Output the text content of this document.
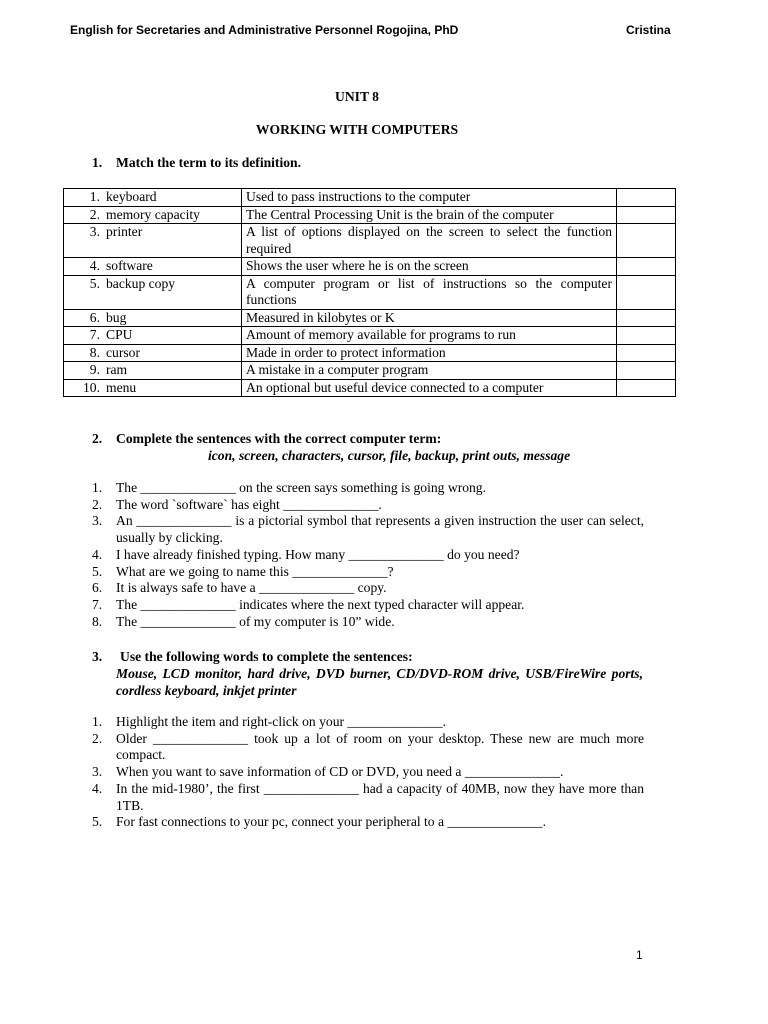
English for Secretaries and Administrative Personnel Rogojina, PhD	Cristina
UNIT 8
WORKING WITH COMPUTERS
1. Match the term to its definition.
1. keyboard	Used to pass instructions to the computer	
2. memory capacity	The Central Processing Unit is the brain of the computer	
3. printer	A list of options displayed on the screen to select the function required	
4. software	Shows the user where he is on the screen	
5. backup copy	A computer program or list of instructions so the computer functions	
6. bug	Measured in kilobytes or K	
7. CPU	Amount of memory available for programs to run	
8. cursor	Made in order to protect information	
9. ram	A mistake in a computer program	
10. menu	An optional but useful device connected to a computer	
2. Complete the sentences with the correct computer term:
icon, screen, characters, cursor, file, backup, print outs, message
1.	The ______________ on the screen says something is going wrong.
2.	The word `software` has eight ______________.
3.	An ______________ is a pictorial symbol that represents a given instruction the user can select, usually by clicking.
4.	I have already finished typing. How many ______________ do you need?
5.	What are we going to name this ______________?
6.	It is always safe to have a ______________ copy.
7.	The ______________ indicates where the next typed character will appear.
8.	The ______________ of my computer is 10” wide.
3. Use the following words to complete the sentences:
Mouse, LCD monitor, hard drive, DVD burner, CD/DVD-ROM drive, USB/FireWire ports, cordless keyboard, inkjet printer
1.	Highlight the item and right-click on your ______________.
2.	Older ______________ took up a lot of room on your desktop. These new are much more compact.
3.	When you want to save information of CD or DVD, you need a ______________.
4.	In the mid-1980’, the first ______________ had a capacity of 40MB, now they have more than 1TB.
5.	For fast connections to your pc, connect your peripheral to a ______________.
1
